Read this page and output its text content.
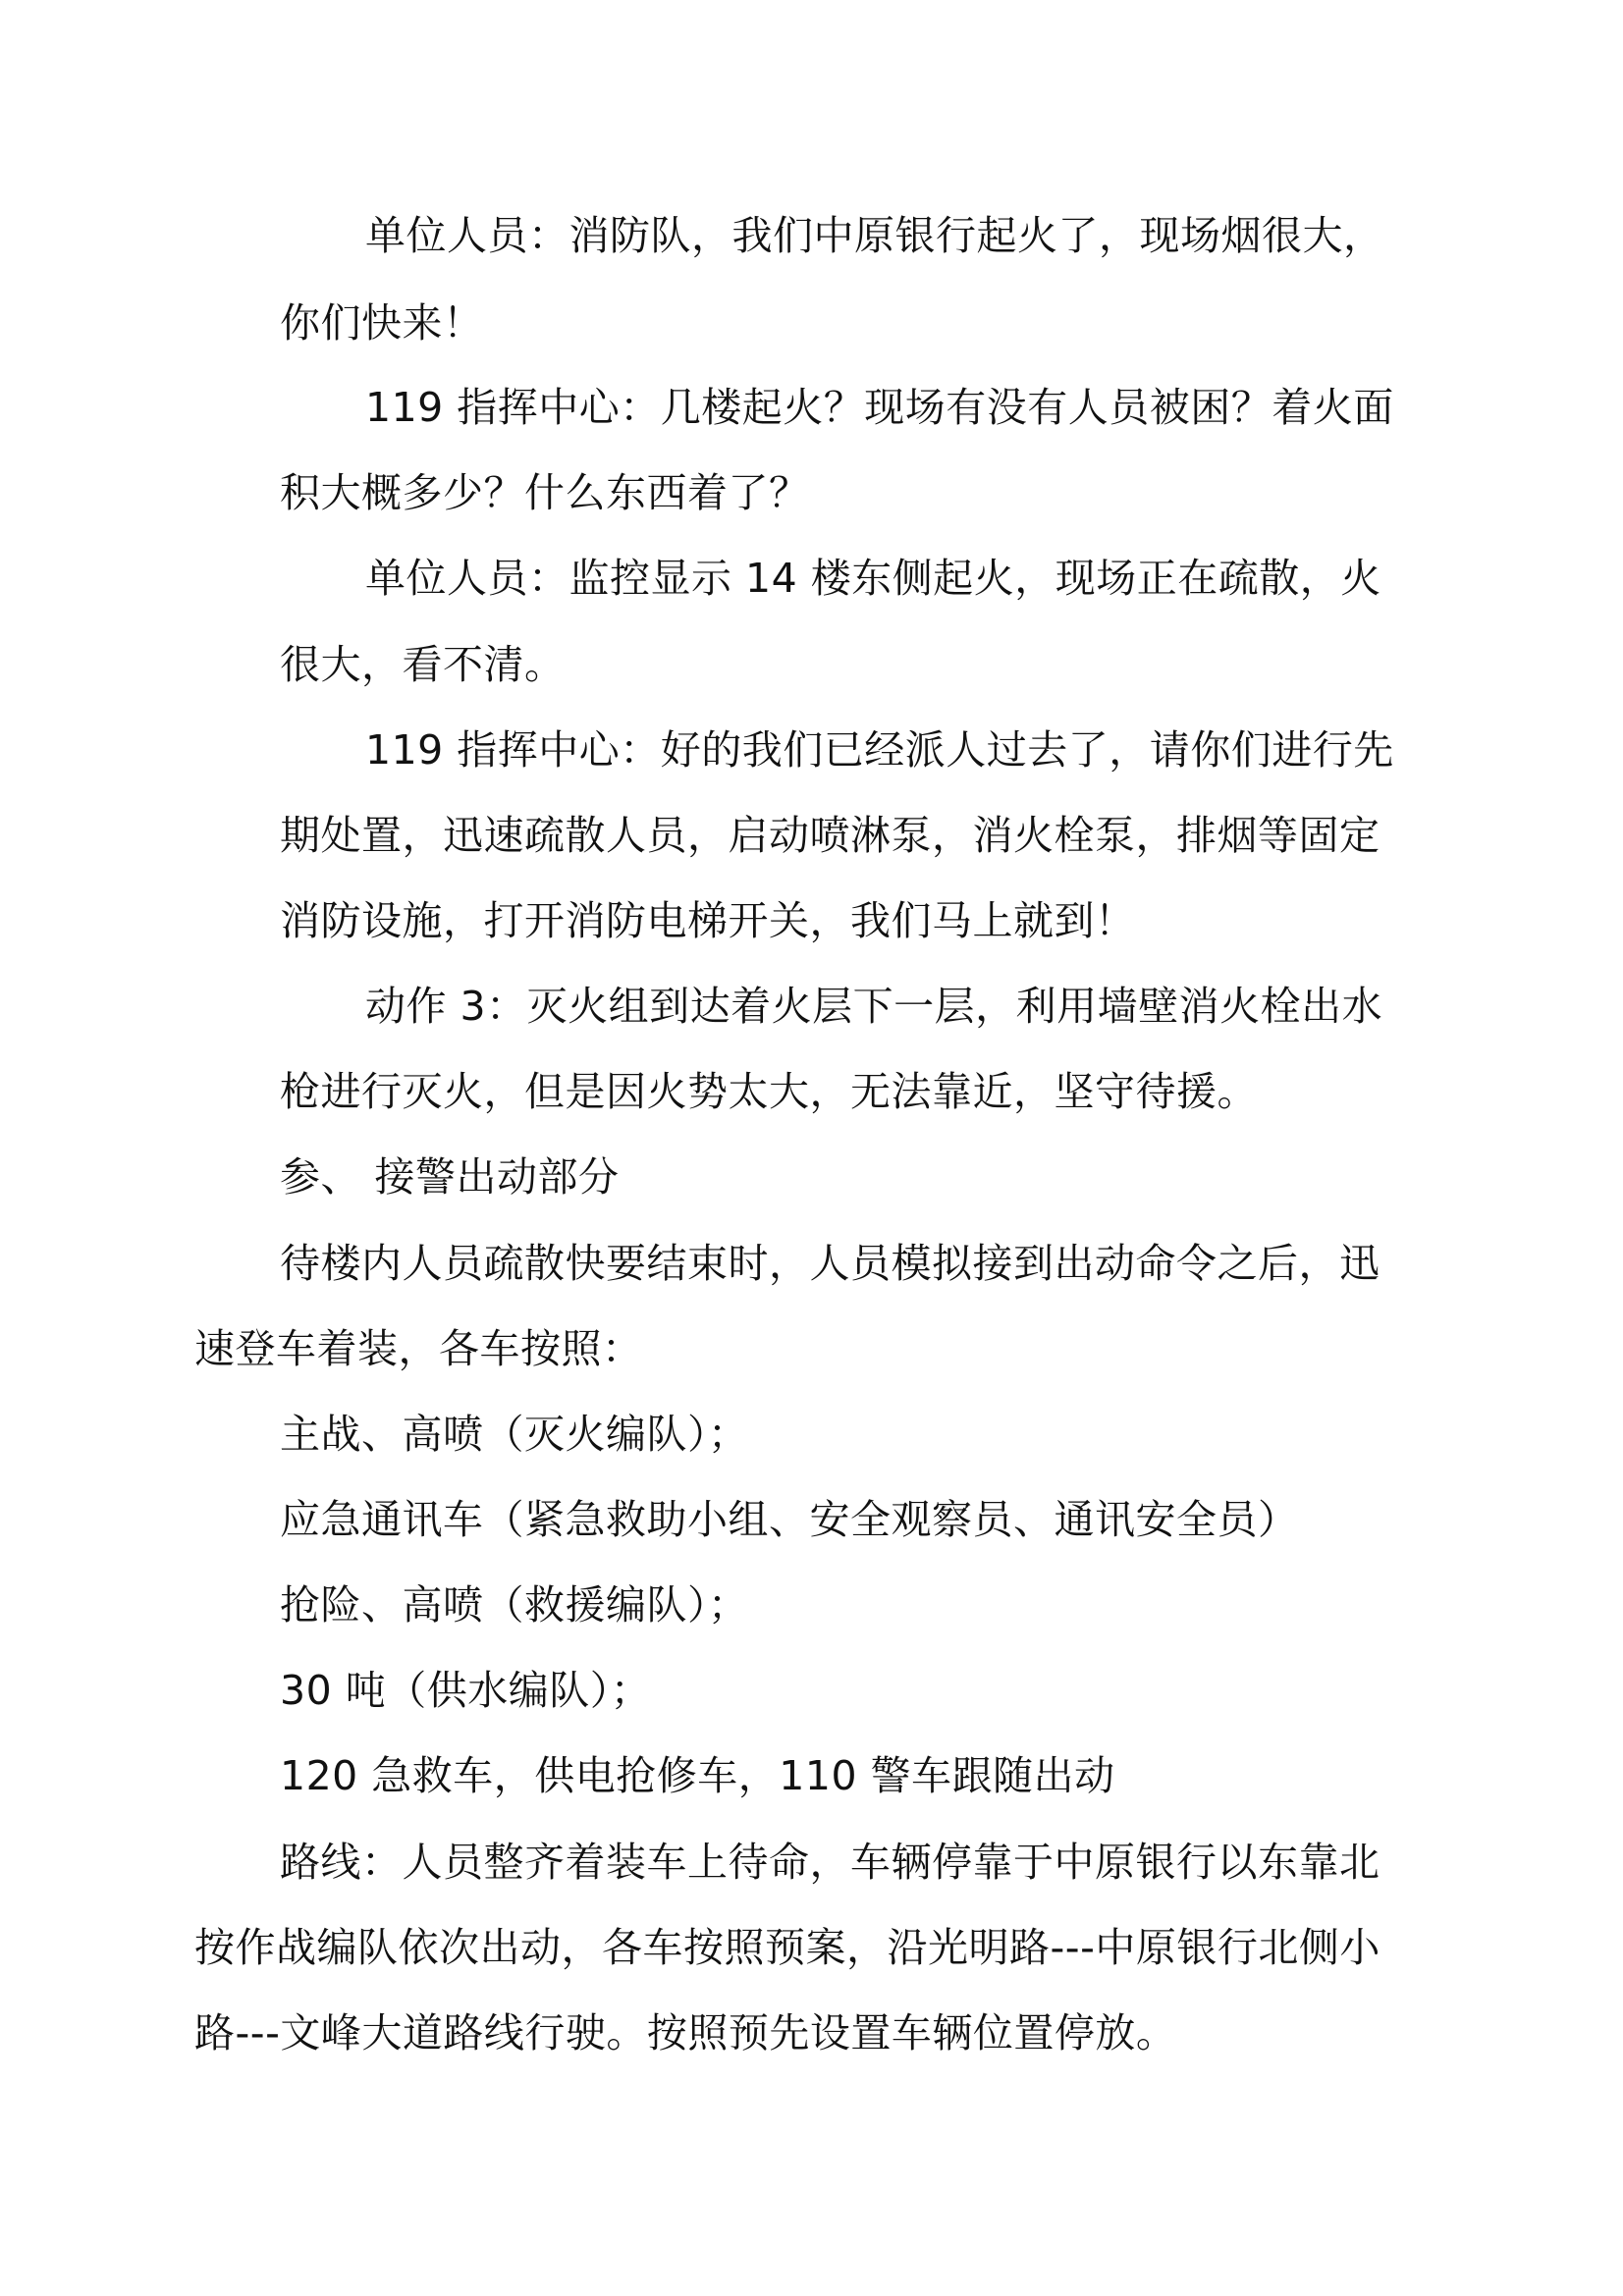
单位人员：消防队，我们中原银行起火了，现场烟很大，
你们快来！
119 指挥中心：几楼起火？现场有没有人员被困？着火面
积大概多少？什么东西着了？
单位人员：监控显示 14 楼东侧起火，现场正在疏散，火
很大，看不清。
119 指挥中心：好的我们已经派人过去了，请你们进行先
期处置，迅速疏散人员，启动喷淋泵，消火栓泵，排烟等固定
消防设施，打开消防电梯开关，我们马上就到！
动作 3：灭火组到达着火层下一层，利用墙壁消火栓出水
枪进行灭火，但是因火势太大，无法靠近，坚守待援。
参、 接警出动部分
待楼内人员疏散快要结束时，人员模拟接到出动命令之后，迅
速登车着装，各车按照：
主战、高喷（灭火编队）；
应急通讯车（紧急救助小组、安全观察员、通讯安全员）
抢险、高喷（救援编队）；
30 吨（供水编队）；
120 急救车，供电抢修车，110 警车跟随出动
路线：人员整齐着装车上待命，车辆停靠于中原银行以东靠北
按作战编队依次出动，各车按照预案，沿光明路---中原银行北侧小
路---文峰大道路线行驶。按照预先设置车辆位置停放。
